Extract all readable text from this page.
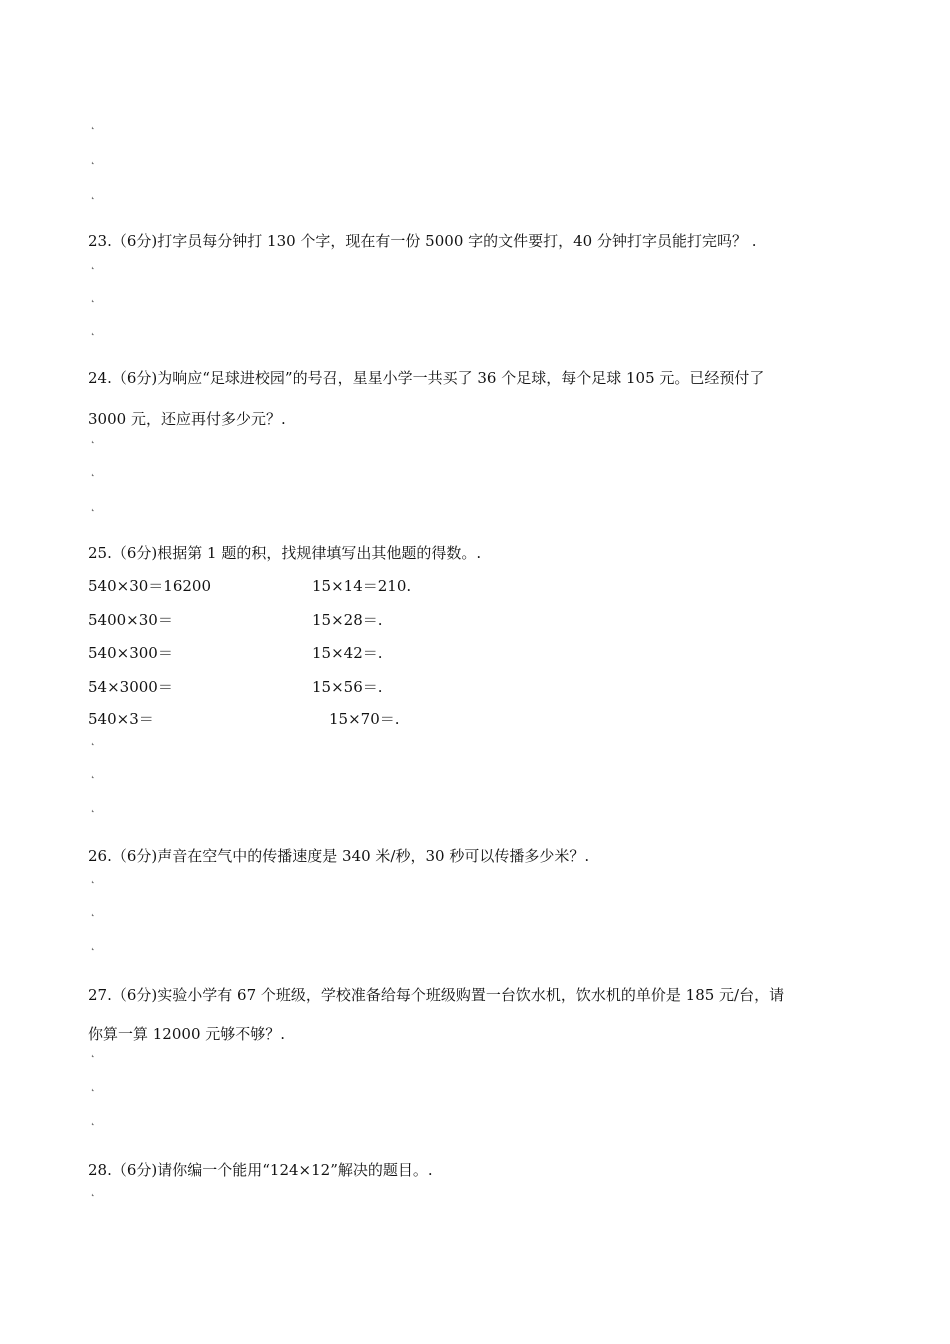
˛
˛
˛
23.（6分)打字员每分钟打 130 个字，现在有一份 5000 字的文件要打，40 分钟打字员能打完吗？ .
˛
˛
˛
24.（6分)为响应“足球进校园”的号召，星星小学一共买了 36 个足球，每个足球 105 元。已经预付了
3000 元，还应再付多少元？.
˛
˛
˛
25.（6分)根据第 1 题的积，找规律填写出其他题的得数。.
540×30＝16200	15×14＝210.
5400×30＝	15×28＝.
540×300＝	15×42＝.
54×3000＝	15×56＝.
540×3＝	15×70＝.
˛
˛
˛
26.（6分)声音在空气中的传播速度是 340 米/秒，30 秒可以传播多少米？.
˛
˛
˛
27.（6分)实验小学有 67 个班级，学校准备给每个班级购置一台饮水机，饮水机的单价是 185 元/台，请
你算一算 12000 元够不够？.
˛
˛
˛
28.（6分)请你编一个能用“124×12”解决的题目。.
˛
